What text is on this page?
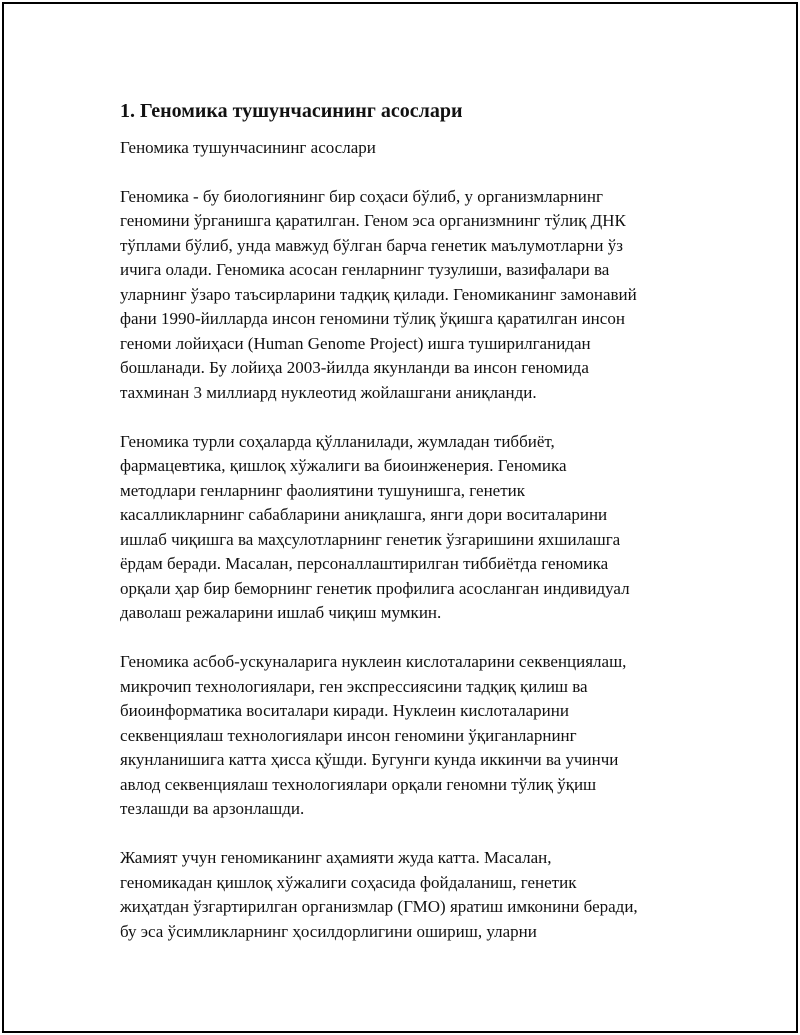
1. Геномика тушунчасининг асослари
Геномика тушунчасининг асослари
Геномика - бу биологиянинг бир соҳаси бўлиб, у организмларнинг
геномини ўрганишга қаратилган. Геном эса организмнинг тўлиқ ДНК
тўплами бўлиб, унда мавжуд бўлган барча генетик маълумотларни ўз
ичига олади. Геномика асосан генларнинг тузулиши, вазифалари ва
уларнинг ўзаро таъсирларини тадқиқ қилади. Геномиканинг замонавий
фани 1990-йилларда инсон геномини тўлиқ ўқишга қаратилган инсон
геноми лойиҳаси (Human Genome Project) ишга туширилганидан
бошланади. Бу лойиҳа 2003-йилда якунланди ва инсон геномида
тахминан 3 миллиард нуклеотид жойлашгани аниқланди.
Геномика турли соҳаларда қўлланилади, жумладан тиббиёт,
фармацевтика, қишлоқ хўжалиги ва биоинженерия. Геномика
методлари генларнинг фаолиятини тушунишга, генетик
касалликларнинг сабабларини аниқлашга, янги дори воситаларини
ишлаб чиқишга ва маҳсулотларнинг генетик ўзгаришини яхшилашга
ёрдам беради. Масалан, персоналлаштирилган тиббиётда геномика
орқали ҳар бир беморнинг генетик профилига асосланган индивидуал
даволаш режаларини ишлаб чиқиш мумкин.
Геномика асбоб-ускуналарига нуклеин кислоталарини секвенциялаш,
микрочип технологиялари, ген экспрессиясини тадқиқ қилиш ва
биоинформатика воситалари киради. Нуклеин кислоталарини
секвенциялаш технологиялари инсон геномини ўқиганларнинг
якунланишига катта ҳисса қўшди. Бугунги кунда иккинчи ва учинчи
авлод секвенциялаш технологиялари орқали геномни тўлиқ ўқиш
тезлашди ва арзонлашди.
Жамият учун геномиканинг аҳамияти жуда катта. Масалан,
геномикадан қишлоқ хўжалиги соҳасида фойдаланиш, генетик
жиҳатдан ўзгартирилган организмлар (ГМО) яратиш имконини беради,
бу эса ўсимликларнинг ҳосилдорлигини ошириш, уларни
